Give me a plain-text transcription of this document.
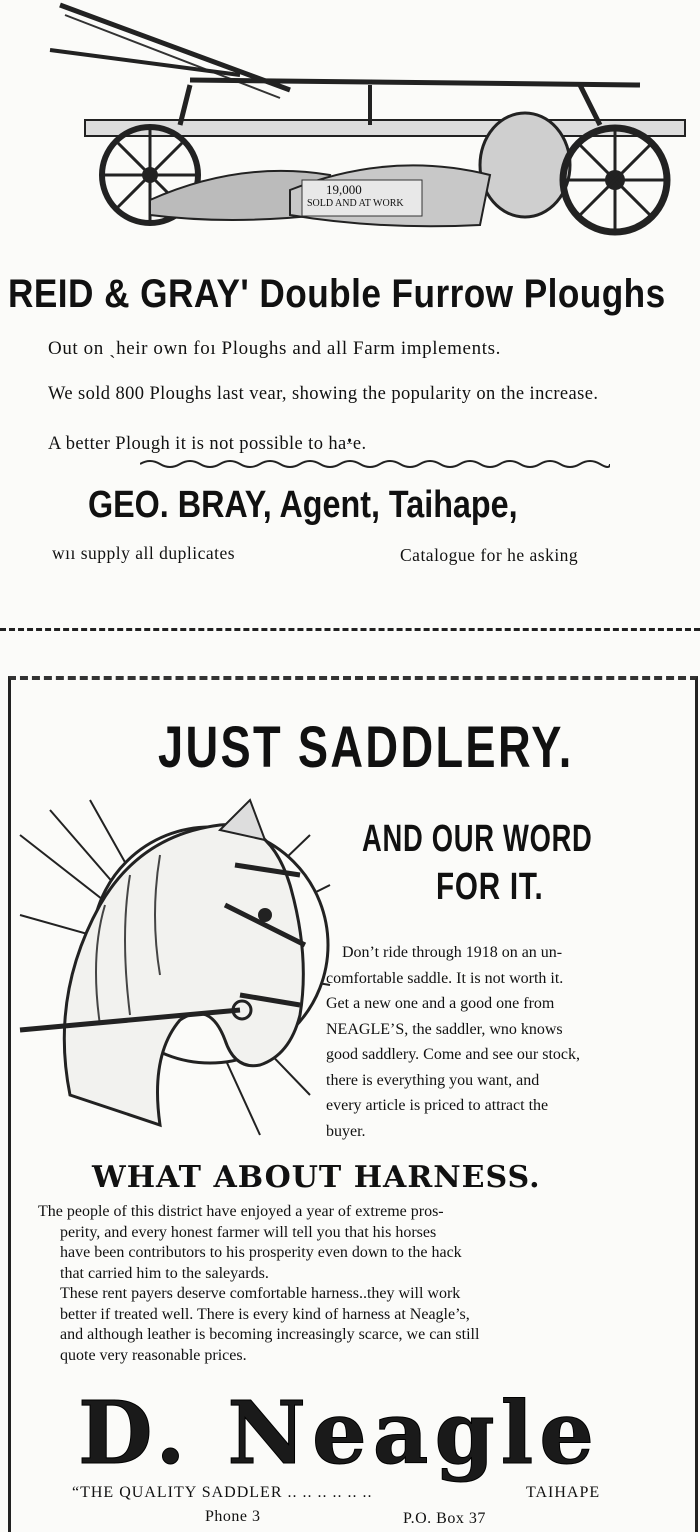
19,000
SOLD AND AT WORK
REID & GRAY' Double Furrow Ploughs
Out on ˏheir own foı Ploughs and all Farm implements.
We sold 800 Ploughs last vear, showing the popularity on the increase.
A better Plough it is not possible to haᵜe.
GEO. BRAY, Agent, Taihape,
wıı supply all duplicates	Catalogue for he asking
JUST SADDLERY.
AND OUR WORD
FOR IT.
Don’t ride through 1918 on an un-
comfortable saddle. It is not worth it.
Get a new one and a good one from
NEAGLE’S, the saddler, wno knows
good saddlery. Come and see our stock,
there is everything you want, and
every article is priced to attract the
buyer.
WHAT ABOUT HARNESS.
The people of this district have enjoyed a year of extreme pros-
perity, and every honest farmer will tell you that his horses
have been contributors to his prosperity even down to the hack
that carried him to the saleyards.
These rent payers deserve comfortable harness..they will work
better if treated well. There is every kind of harness at Neagle’s,
and although leather is becoming increasingly scarce, we can still
quote very reasonable prices.
D. Neagle
“THE QUALITY SADDLER .. .. .. .. .. ..	TAIHAPE
Phone 3	P.O. Box 37
